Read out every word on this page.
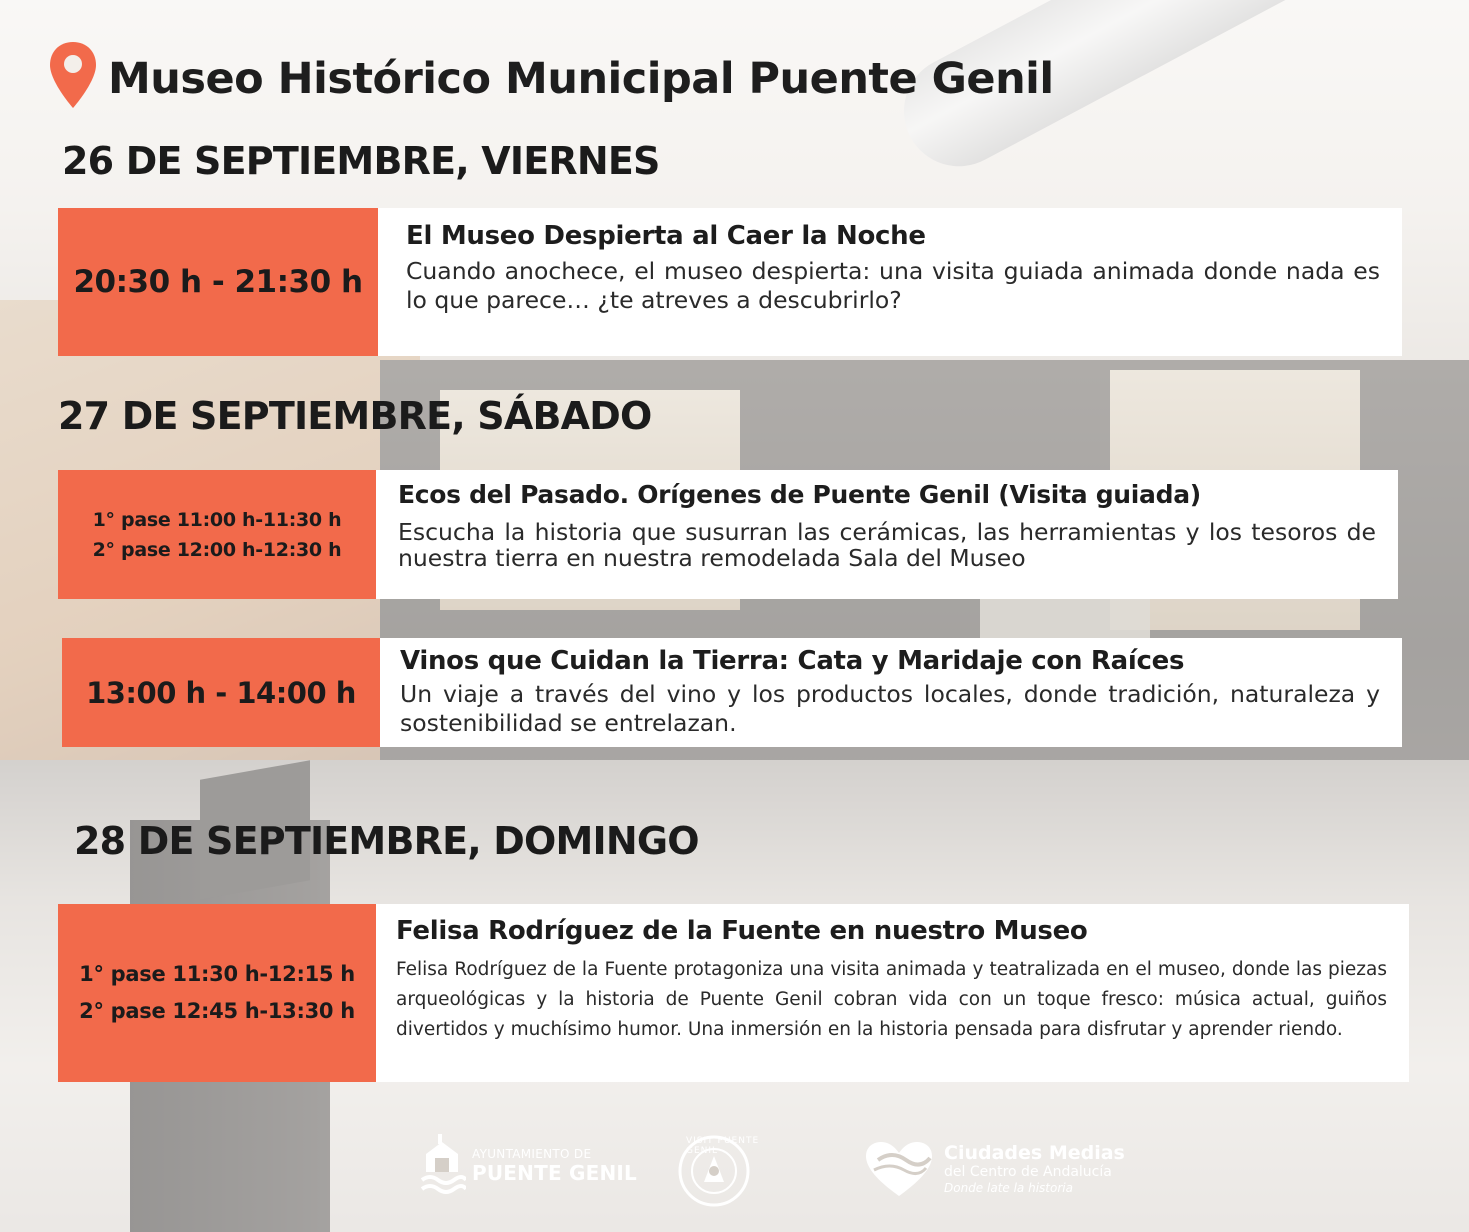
Museo Histórico Municipal Puente Genil
26 DE SEPTIEMBRE, VIERNES
20:30 h - 21:30 h
El Museo Despierta al Caer la Noche
Cuando anochece, el museo despierta: una visita guiada animada donde nada es lo que parece… ¿te atreves a descubrirlo?
27 DE SEPTIEMBRE, SÁBADO
1° pase 11:00 h-11:30 h
2° pase 12:00 h-12:30 h
Ecos del Pasado. Orígenes de Puente Genil (Visita guiada)
Escucha la historia que susurran las cerámicas, las herramientas y los tesoros de nuestra tierra en nuestra remodelada Sala del Museo
13:00 h - 14:00 h
Vinos que Cuidan la Tierra: Cata y Maridaje con Raíces
Un viaje a través del vino y los productos locales, donde tradición, naturaleza y sostenibilidad se entrelazan.
28 DE SEPTIEMBRE, DOMINGO
1° pase 11:30 h-12:15 h
2° pase 12:45 h-13:30 h
Felisa Rodríguez de la Fuente en nuestro Museo
Felisa Rodríguez de la Fuente protagoniza una visita animada y teatralizada en el museo, donde las piezas arqueológicas y la historia de Puente Genil cobran vida con un toque fresco: música actual, guiños divertidos y muchísimo humor. Una inmersión en la historia pensada para disfrutar y aprender riendo.
AYUNTAMIENTO DE
PUENTE GENIL
VISIT PUENTE GENIL	Ciudades Medias
del Centro de Andalucía
Donde late la historia
